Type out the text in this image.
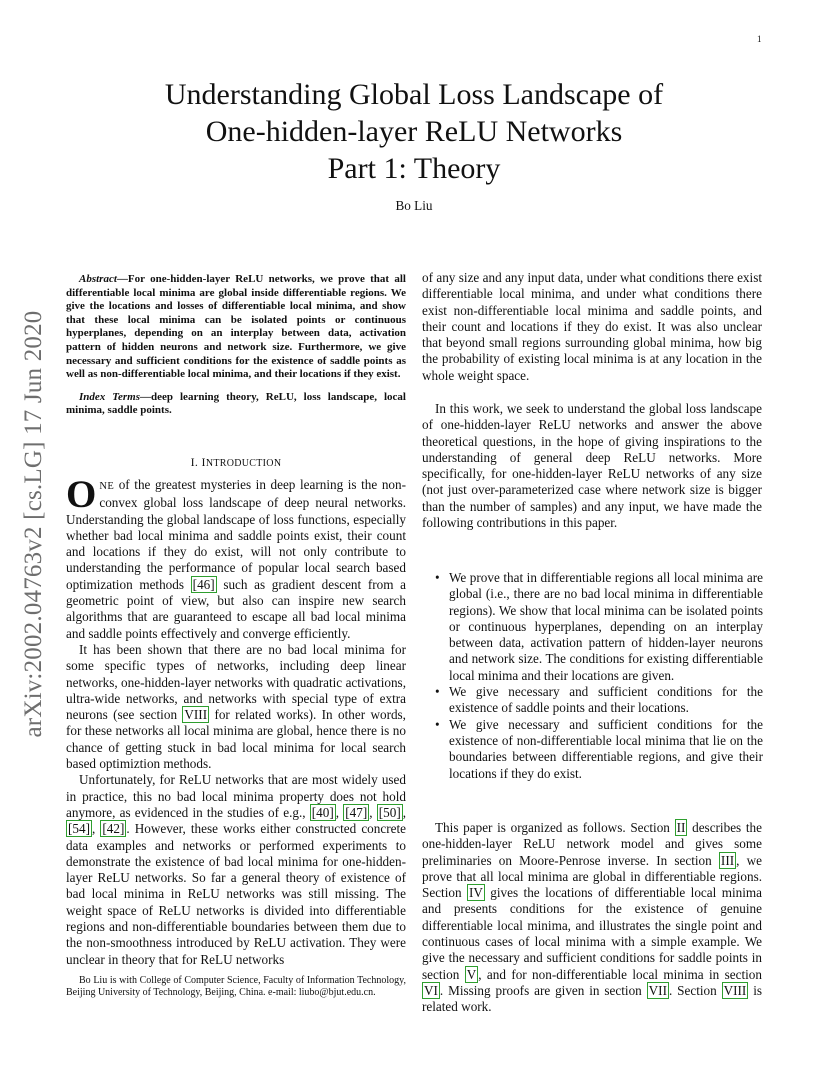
1
arXiv:2002.04763v2 [cs.LG] 17 Jun 2020
Understanding Global Loss Landscape of
One-hidden-layer ReLU Networks
Part 1: Theory
Bo Liu

Abstract—For one-hidden-layer ReLU networks, we prove that all differentiable local minima are global inside differentiable regions. We give the locations and losses of differentiable local minima, and show that these local minima can be isolated points or continuous hyperplanes, depending on an interplay between data, activation pattern of hidden neurons and network size. Furthermore, we give necessary and sufficient conditions for the existence of saddle points as well as non-differentiable local minima, and their locations if they exist.

Index Terms—deep learning theory, ReLU, loss landscape, local minima, saddle points.

I. INTRODUCTION

ONE of the greatest mysteries in deep learning is the non-convex global loss landscape of deep neural networks. Understanding the global landscape of loss functions, especially whether bad local minima and saddle points exist, their count and locations if they do exist, will not only contribute to understanding the performance of popular local search based optimization methods [46] such as gradient descent from a geometric point of view, but also can inspire new search algorithms that are guaranteed to escape all bad local minima and saddle points effectively and converge efficiently.

It has been shown that there are no bad local minima for some specific types of networks, including deep linear networks, one-hidden-layer networks with quadratic activations, ultra-wide networks, and networks with special type of extra neurons (see section VIII for related works). In other words, for these networks all local minima are global, hence there is no chance of getting stuck in bad local minima for local search based optimiztion methods.

Unfortunately, for ReLU networks that are most widely used in practice, this no bad local minima property does not hold anymore, as evidenced in the studies of e.g., [40] , [47] , [50] , [54] , [42] . However, these works either constructed concrete data examples and networks or performed experiments to demonstrate the existence of bad local minima for one-hidden-layer ReLU networks. So far a general theory of existence of bad local minima in ReLU networks was still missing. The weight space of ReLU networks is divided into differentiable regions and non-differentiable boundaries between them due to the non-smoothness introduced by ReLU activation. They were unclear in theory that for ReLU networks

Bo Liu is with College of Computer Science, Faculty of Information Technology, Beijing University of Technology, Beijing, China. e-mail: liubo@bjut.edu.cn.

of any size and any input data, under what conditions there exist differentiable local minima, and under what conditions there exist non-differentiable local minima and saddle points, and their count and locations if they do exist. It was also unclear that beyond small regions surrounding global minima, how big the probability of existing local minima is at any location in the whole weight space.

In this work, we seek to understand the global loss landscape of one-hidden-layer ReLU networks and answer the above theoretical questions, in the hope of giving inspirations to the understanding of general deep ReLU networks. More specifically, for one-hidden-layer ReLU networks of any size (not just over-parameterized case where network size is bigger than the number of samples) and any input, we have made the following contributions in this paper.

• We prove that in differentiable regions all local minima are global (i.e., there are no bad local minima in differentiable regions). We show that local minima can be isolated points or continuous hyperplanes, depending on an interplay between data, activation pattern of hidden-layer neurons and network size. The conditions for existing differentiable local minima and their locations are given.

• We give necessary and sufficient conditions for the existence of saddle points and their locations.

• We give necessary and sufficient conditions for the existence of non-differentiable local minima that lie on the boundaries between differentiable regions, and give their locations if they do exist.

This paper is organized as follows. Section II describes the one-hidden-layer ReLU network model and gives some preliminaries on Moore-Penrose inverse. In section III , we prove that all local minima are global in differentiable regions. Section IV gives the locations of differentiable local minima and presents conditions for the existence of genuine differentiable local minima, and illustrates the single point and continuous cases of local minima with a simple example. We give the necessary and sufficient conditions for saddle points in section V , and for non-differentiable local minima in section VI . Missing proofs are given in section VII . Section VIII is related work.
